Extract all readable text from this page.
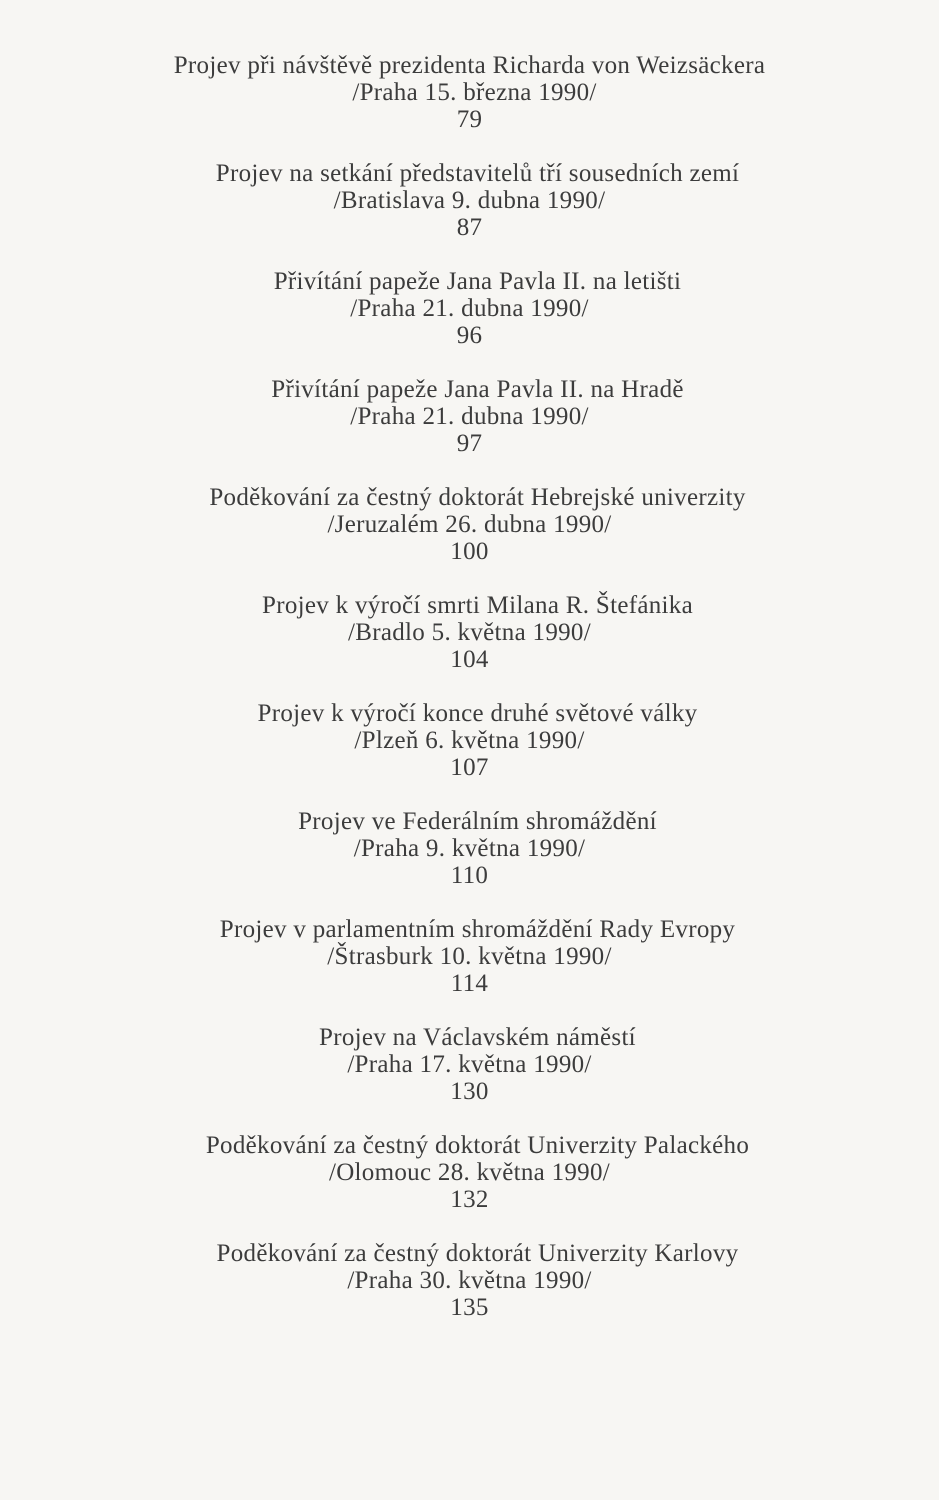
Projev při návštěvě prezidenta Richarda von Weizsäckera
/Praha 15. března 1990/
79
Projev na setkání představitelů tří sousedních zemí
/Bratislava 9. dubna 1990/
87
Přivítání papeže Jana Pavla II. na letišti
/Praha 21. dubna 1990/
96
Přivítání papeže Jana Pavla II. na Hradě
/Praha 21. dubna 1990/
97
Poděkování za čestný doktorát Hebrejské univerzity
/Jeruzalém 26. dubna 1990/
100
Projev k výročí smrti Milana R. Štefánika
/Bradlo 5. května 1990/
104
Projev k výročí konce druhé světové války
/Plzeň 6. května 1990/
107
Projev ve Federálním shromáždění
/Praha 9. května 1990/
110
Projev v parlamentním shromáždění Rady Evropy
/Štrasburk 10. května 1990/
114
Projev na Václavském náměstí
/Praha 17. května 1990/
130
Poděkování za čestný doktorát Univerzity Palackého
/Olomouc 28. května 1990/
132
Poděkování za čestný doktorát Univerzity Karlovy
/Praha 30. května 1990/
135
